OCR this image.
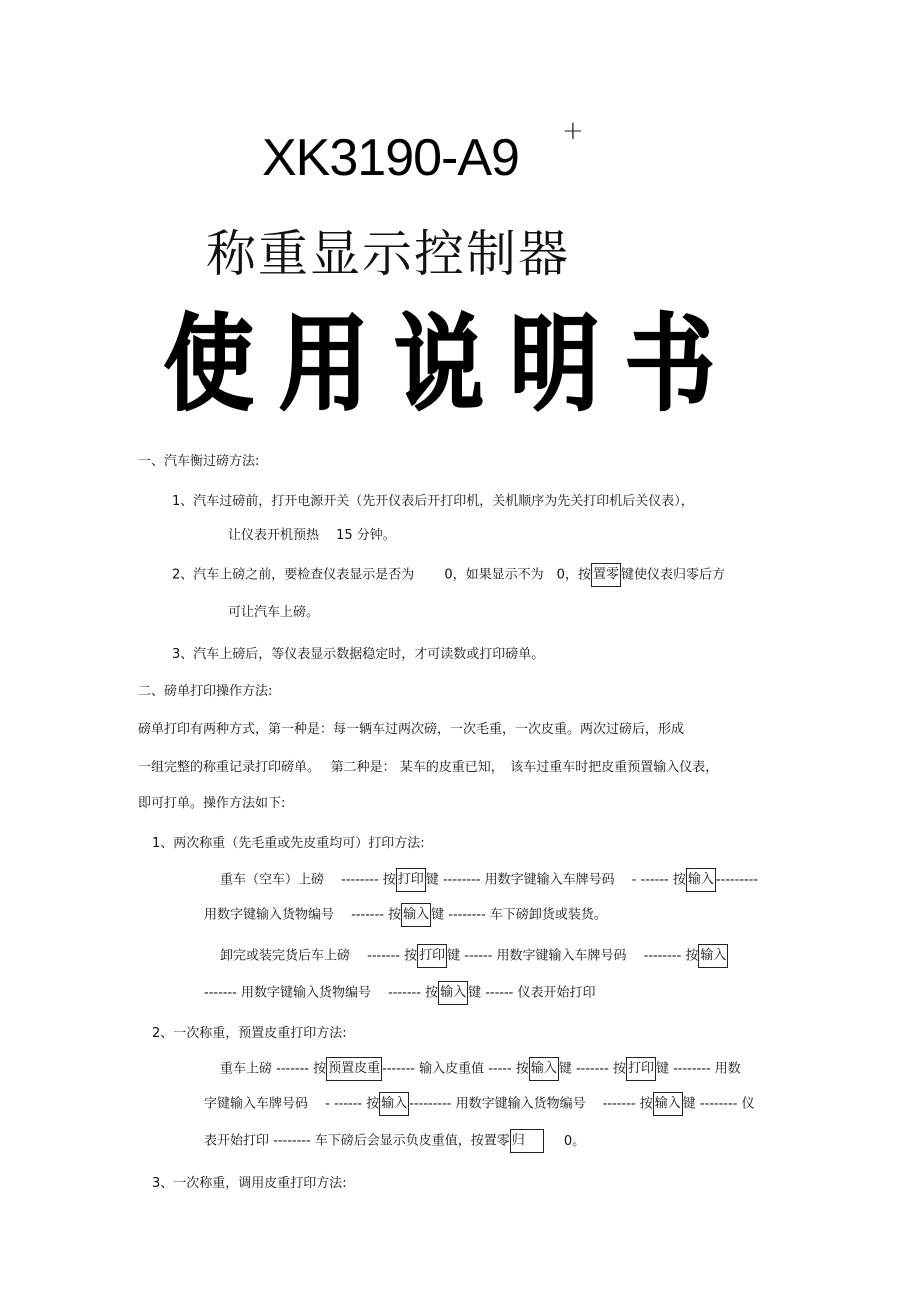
+
XK3190-A9
称重显示控制器
使用说明书
一、汽车衡过磅方法:
1、汽车过磅前，打开电源开关（先开仪表后开打印机，关机顺序为先关打印机后关仪表），
让仪表开机预热　 15 分钟。
2、汽车上磅之前，要检查仪表显示是否为　　 0，如果显示不为　0，按 置零 键使仪表归零后方
可让汽车上磅。
3、汽车上磅后，等仪表显示数据稳定时，才可读数或打印磅单。
二、磅单打印操作方法:
磅单打印有两种方式，第一种是：每一辆车过两次磅，一次毛重，一次皮重。两次过磅后，形成
一组完整的称重记录打印磅单。　 第二种是： 某车的皮重已知，　该车过重车时把皮重预置输入仪表，
即可打单。操作方法如下:
1、两次称重（先毛重或先皮重均可）打印方法:
重车（空车）上磅　 -------- 按 打印 键 -------- 用数字键输入车牌号码　 - ------ 按 输入 ---------
用数字键输入货物编号　 ------- 按 输入 键 -------- 车下磅卸货或装货。
卸完或装完货后车上磅　 ------- 按 打印 键 ------ 用数字键输入车牌号码　 -------- 按 输入
------- 用数字键输入货物编号　 ------- 按 输入 键 ------ 仪表开始打印
2、一次称重，预置皮重打印方法:
重车上磅 ------- 按 预置皮重 ------- 输入皮重值 ----- 按 输入 键 ------- 按 打印 键 -------- 用数
字键输入车牌号码　 - ------ 按 输入 --------- 用数字键输入货物编号　 ------- 按 输入 键 -------- 仪
表开始打印 -------- 车下磅后会显示负皮重值，按置零 归	0。
3、一次称重，调用皮重打印方法:
